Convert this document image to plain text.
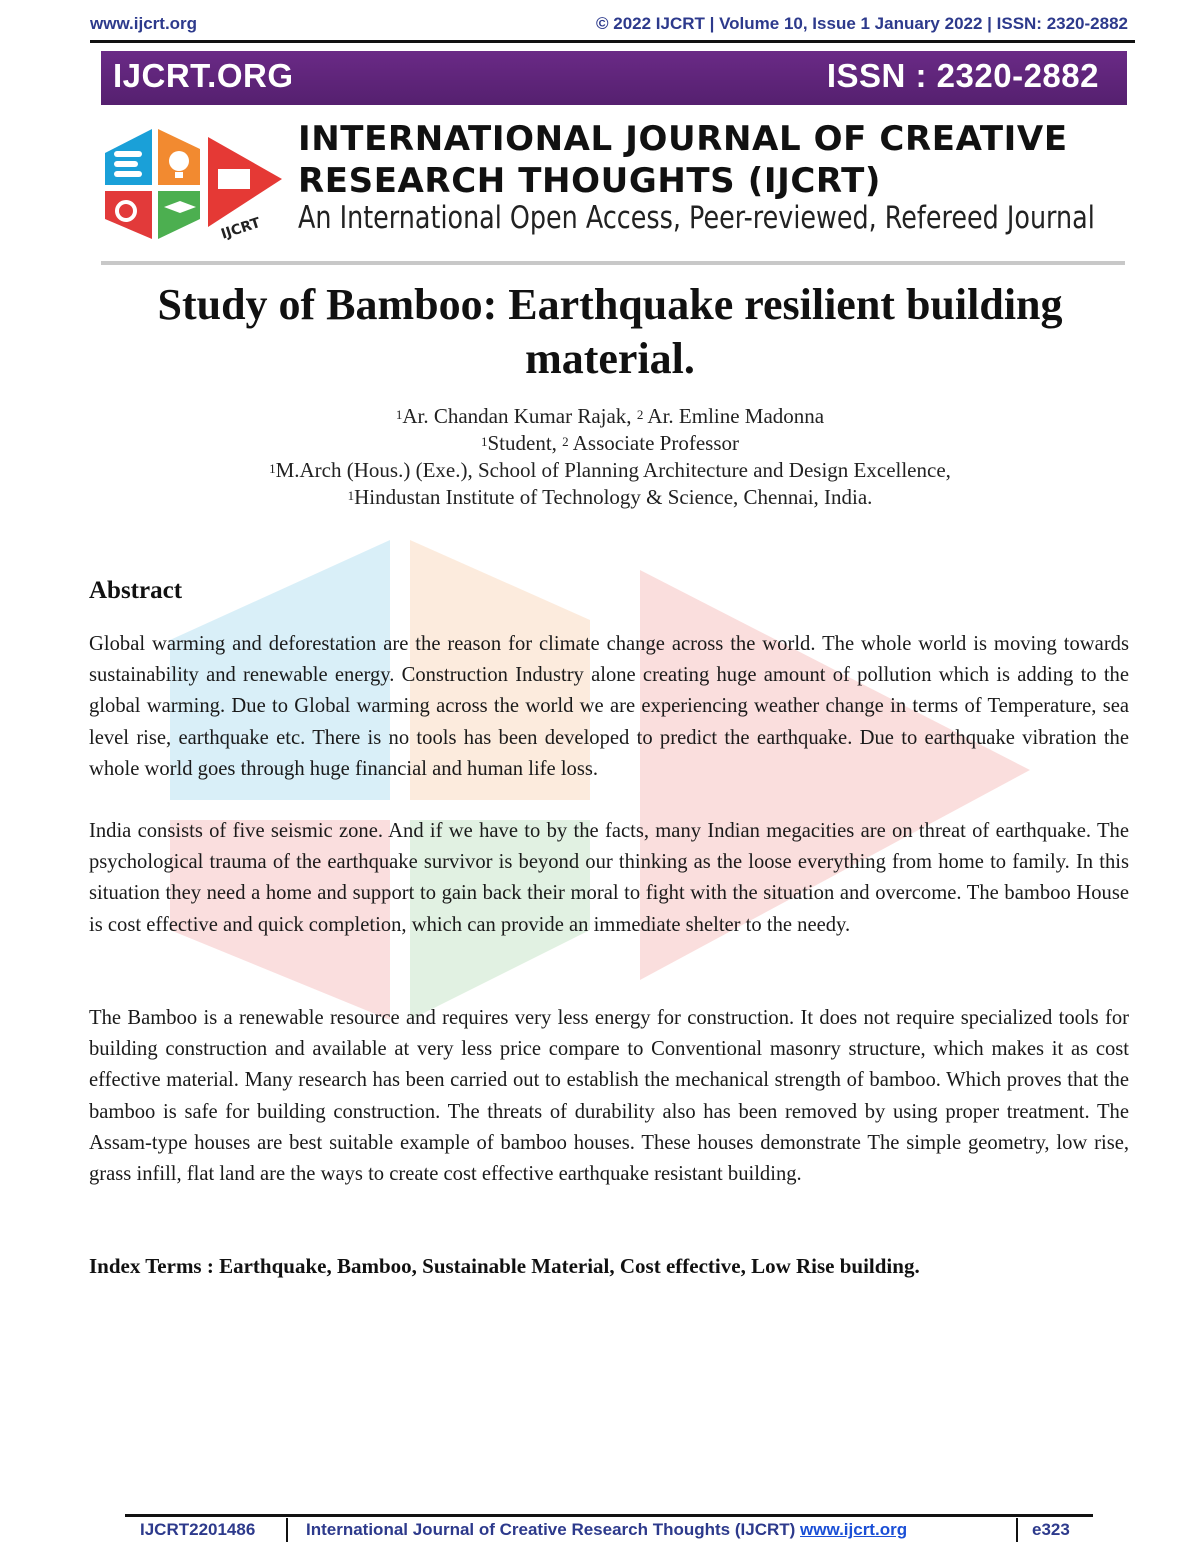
www.ijcrt.org	© 2022 IJCRT | Volume 10, Issue 1 January 2022 | ISSN: 2320-2882
IJCRT.ORG	ISSN : 2320-2882
IJCRT
INTERNATIONAL JOURNAL OF CREATIVE
RESEARCH THOUGHTS (IJCRT)
An International Open Access, Peer-reviewed, Refereed Journal
Study of Bamboo: Earthquake resilient building
material.
$^1$Ar. Chandan Kumar Rajak, $^2$ Ar. Emline Madonna
$^1$Student, $^2$ Associate Professor
$^1$M.Arch (Hous.) (Exe.), School of Planning Architecture and Design Excellence,
$^1$Hindustan Institute of Technology & Science, Chennai, India.
Abstract

Global warming and deforestation are the reason for climate change across the world. The whole world is moving towards sustainability and renewable energy. Construction Industry alone creating huge amount of pollution which is adding to the global warming. Due to Global warming across the world we are experiencing weather change in terms of Temperature, sea level rise, earthquake etc. There is no tools has been developed to predict the earthquake. Due to earthquake vibration the whole world goes through huge financial and human life loss.

India consists of five seismic zone. And if we have to by the facts, many Indian megacities are on threat of earthquake. The psychological trauma of the earthquake survivor is beyond our thinking as the loose everything from home to family. In this situation they need a home and support to gain back their moral to fight with the situation and overcome. The bamboo House is cost effective and quick completion, which can provide an immediate shelter to the needy.

The Bamboo is a renewable resource and requires very less energy for construction. It does not require specialized tools for building construction and available at very less price compare to Conventional masonry structure, which makes it as cost effective material. Many research has been carried out to establish the mechanical strength of bamboo. Which proves that the bamboo is safe for building construction. The threats of durability also has been removed by using proper treatment. The Assam-type houses are best suitable example of bamboo houses. These houses demonstrate The simple geometry, low rise, grass infill, flat land are the ways to create cost effective earthquake resistant building.

Index Terms : Earthquake, Bamboo, Sustainable Material, Cost effective, Low Rise building.
IJCRT2201486	International Journal of Creative Research Thoughts (IJCRT) www.ijcrt.org	e323
